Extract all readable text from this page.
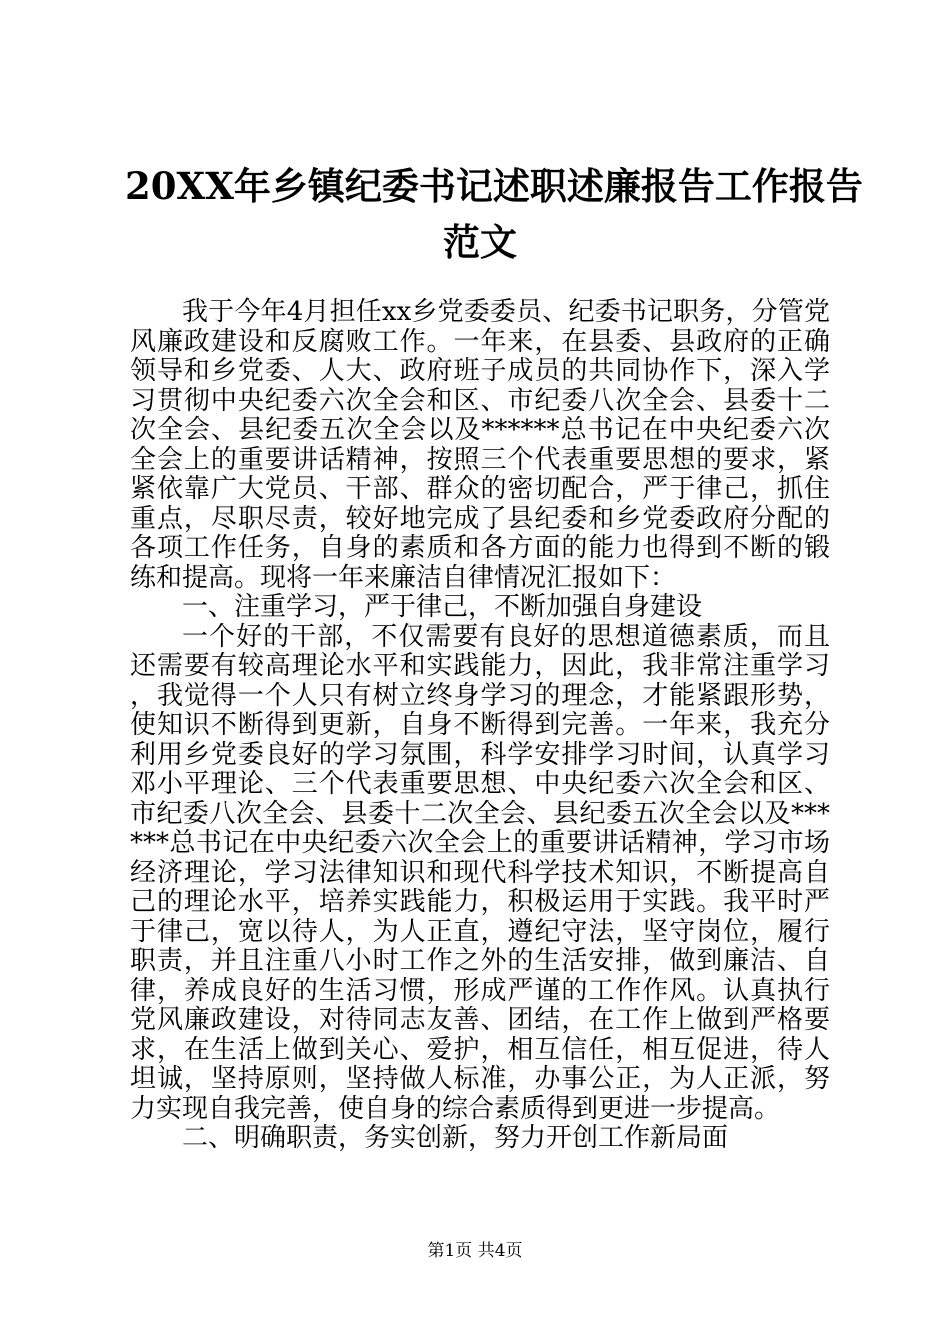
20XX年乡镇纪委书记述职述廉报告工作报告
范文

我于今年4月担任xx乡党委委员、纪委书记职务，分管党风廉政建设和反腐败工作。一年来，在县委、县政府的正确领导和乡党委、人大、政府班子成员的共同协作下，深入学习贯彻中央纪委六次全会和区、市纪委八次全会、县委十二次全会、县纪委五次全会以及******总书记在中央纪委六次全会上的重要讲话精神，按照三个代表重要思想的要求，紧紧依靠广大党员、干部、群众的密切配合，严于律己，抓住重点，尽职尽责，较好地完成了县纪委和乡党委政府分配的各项工作任务，自身的素质和各方面的能力也得到不断的锻练和提高。现将一年来廉洁自律情况汇报如下：

一、注重学习，严于律己，不断加强自身建设

一个好的干部，不仅需要有良好的思想道德素质，而且还需要有较高理论水平和实践能力，因此，我非常注重学习，我觉得一个人只有树立终身学习的理念，才能紧跟形势，使知识不断得到更新，自身不断得到完善。一年来，我充分利用乡党委良好的学习氛围，科学安排学习时间，认真学习邓小平理论、三个代表重要思想、中央纪委六次全会和区、市纪委八次全会、县委十二次全会、县纪委五次全会以及******总书记在中央纪委六次全会上的重要讲话精神，学习市场经济理论，学习法律知识和现代科学技术知识，不断提高自己的理论水平，培养实践能力，积极运用于实践。我平时严于律己，宽以待人，为人正直，遵纪守法，坚守岗位，履行职责，并且注重八小时工作之外的生活安排，做到廉洁、自律，养成良好的生活习惯，形成严谨的工作作风。认真执行党风廉政建设，对待同志友善、团结，在工作上做到严格要求，在生活上做到关心、爱护，相互信任，相互促进，待人坦诚，坚持原则，坚持做人标准，办事公正，为人正派，努力实现自我完善，使自身的综合素质得到更进一步提高。

二、明确职责，务实创新，努力开创工作新局面

第1页 共4页
